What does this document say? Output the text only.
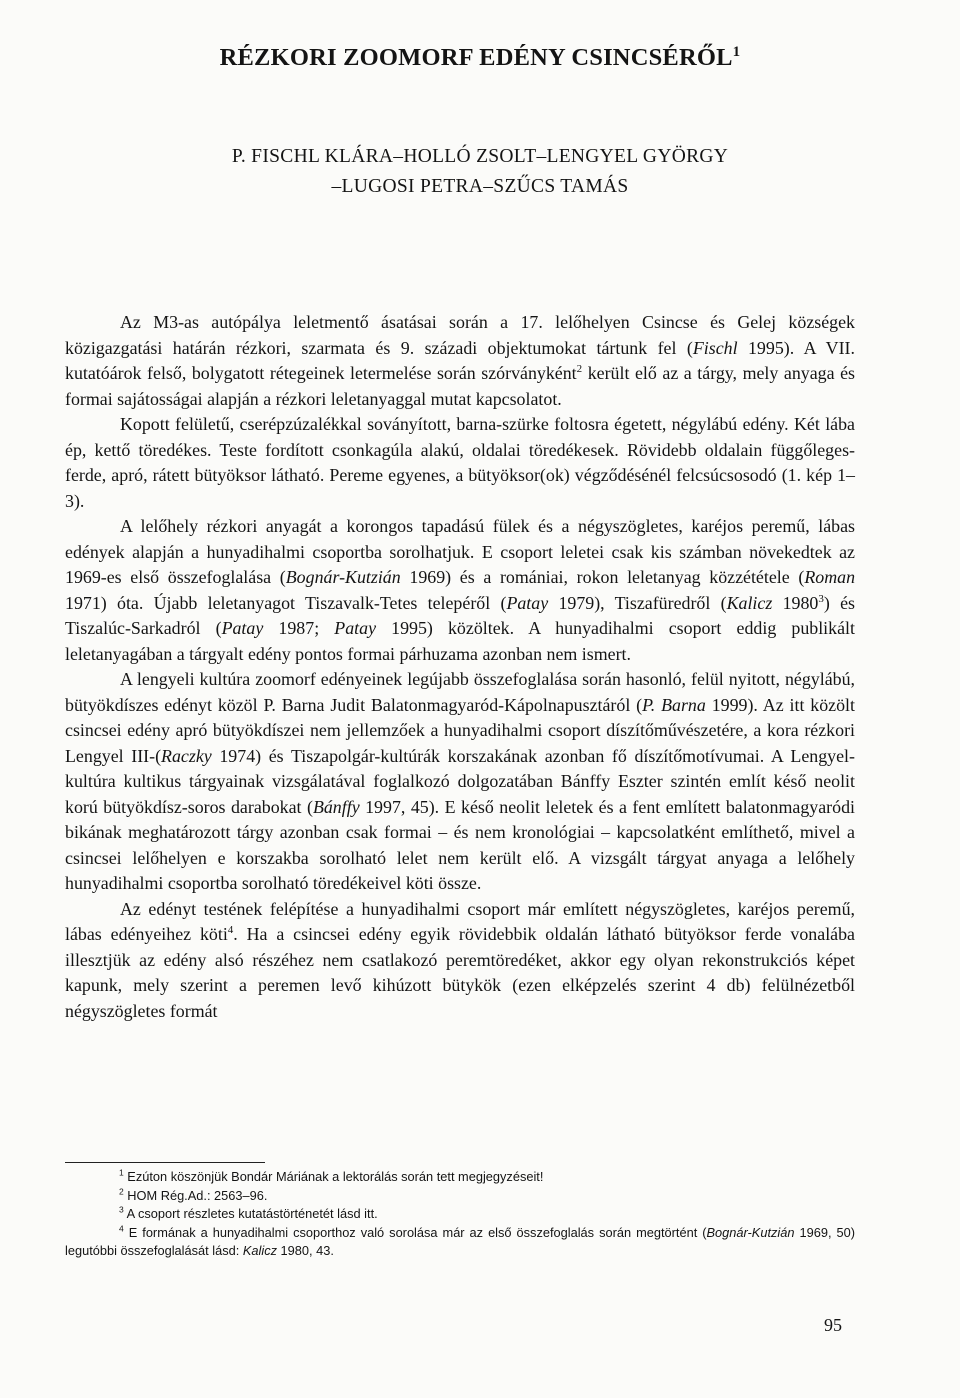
RÉZKORI ZOOMORF EDÉNY CSINCSÉRŐL$^1$
P. FISCHL KLÁRA–HOLLÓ ZSOLT–LENGYEL GYÖRGY
–LUGOSI PETRA–SZŰCS TAMÁS

Az M3-as autópálya leletmentő ásatásai során a 17. lelőhelyen Csincse és Gelej községek közigazgatási határán rézkori, szarmata és 9. századi objektumokat tártunk fel (Fischl 1995). A VII. kutatóárok felső, bolygatott rétegeinek letermelése során szórványként$^2$ került elő az a tárgy, mely anyaga és formai sajátosságai alapján a rézkori leletanyaggal mutat kapcsolatot.

Kopott felületű, cserépzúzalékkal soványított, barna-szürke foltosra égetett, négylábú edény. Két lába ép, kettő töredékes. Teste fordított csonkagúla alakú, oldalai töredékesek. Rövidebb oldalain függőleges-ferde, apró, rátett bütyöksor látható. Pereme egyenes, a bütyöksor(ok) végződésénél felcsúcsosodó (1. kép 1–3).

A lelőhely rézkori anyagát a korongos tapadású fülek és a négyszögletes, karéjos peremű, lábas edények alapján a hunyadihalmi csoportba sorolhatjuk. E csoport leletei csak kis számban növekedtek az 1969-es első összefoglalása (Bognár-Kutzián 1969) és a romániai, rokon leletanyag közzététele (Roman 1971) óta. Újabb leletanyagot Tiszavalk-Tetes telepéről (Patay 1979), Tiszafüredről (Kalicz 1980$^3$) és Tiszalúc-Sarkadról (Patay 1987; Patay 1995) közöltek. A hunyadihalmi csoport eddig publikált leletanyagában a tárgyalt edény pontos formai párhuzama azonban nem ismert.

A lengyeli kultúra zoomorf edényeinek legújabb összefoglalása során hasonló, felül nyitott, négylábú, bütyökdíszes edényt közöl P. Barna Judit Balatonmagyaród-Kápolnapusztáról (P. Barna 1999). Az itt közölt csincsei edény apró bütyökdíszei nem jellemzőek a hunyadihalmi csoport díszítőművészetére, a kora rézkori Lengyel III-(Raczky 1974) és Tiszapolgár-kultúrák korszakának azonban fő díszítőmotívumai. A Lengyel-kultúra kultikus tárgyainak vizsgálatával foglalkozó dolgozatában Bánffy Eszter szintén említ késő neolit korú bütyökdísz-soros darabokat (Bánffy 1997, 45). E késő neolit leletek és a fent említett balatonmagyaródi bikának meghatározott tárgy azonban csak formai – és nem kronológiai – kapcsolatként említhető, mivel a csincsei lelőhelyen e korszakba sorolható lelet nem került elő. A vizsgált tárgyat anyaga a lelőhely hunyadihalmi csoportba sorolható töredékeivel köti össze.

Az edényt testének felépítése a hunyadihalmi csoport már említett négyszögletes, karéjos peremű, lábas edényeihez köti$^4$. Ha a csincsei edény egyik rövidebbik oldalán látható bütyöksor ferde vonalába illesztjük az edény alsó részéhez nem csatlakozó peremtöredéket, akkor egy olyan rekonstrukciós képet kapunk, mely szerint a peremen levő kihúzott bütykök (ezen elképzelés szerint 4 db) felülnézetből négyszögletes formát

$^1$ Ezúton köszönjük Bondár Máriának a lektorálás során tett megjegyzéseit!

$^2$ HOM Rég.Ad.: 2563–96.

$^3$ A csoport részletes kutatástörténetét lásd itt.

$^4$ E formának a hunyadihalmi csoporthoz való sorolása már az első összefoglalás során megtörtént (Bognár-Kutzián 1969, 50) legutóbbi összefoglalását lásd: Kalicz 1980, 43.

95
